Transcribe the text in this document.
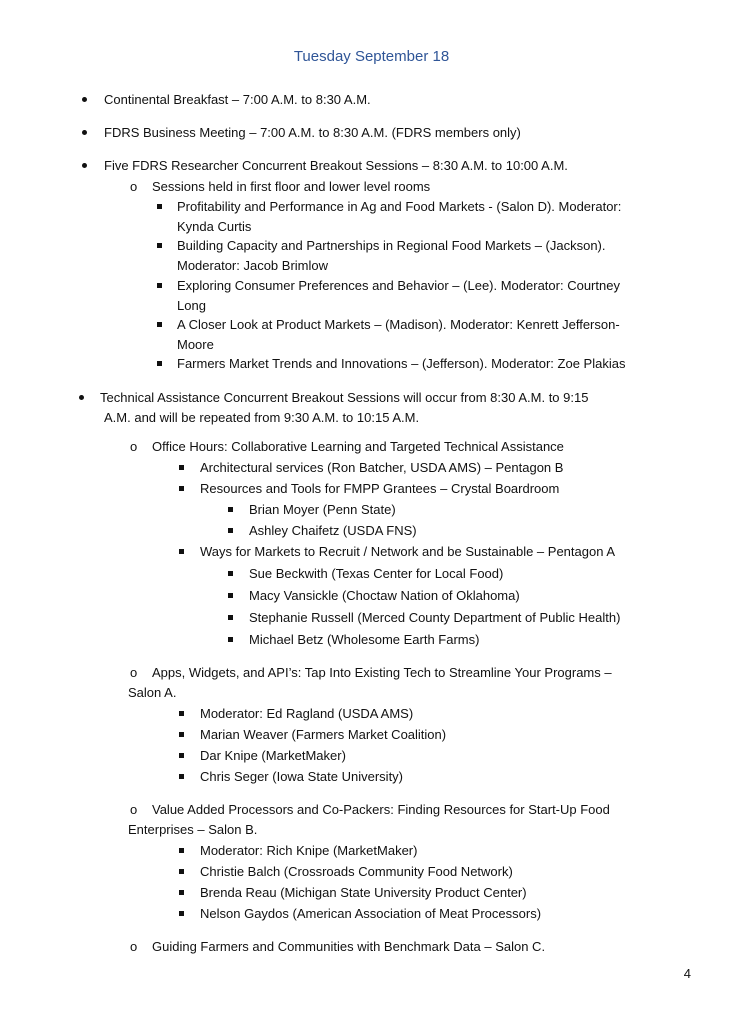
Tuesday September 18
Continental Breakfast – 7:00 A.M. to 8:30 A.M.
FDRS Business Meeting – 7:00 A.M. to 8:30 A.M. (FDRS members only)
Five FDRS Researcher Concurrent Breakout Sessions – 8:30 A.M. to 10:00 A.M.
o Sessions held in first floor and lower level rooms
Profitability and Performance in Ag and Food Markets - (Salon D). Moderator:
Kynda Curtis
Building Capacity and Partnerships in Regional Food Markets – (Jackson).
Moderator: Jacob Brimlow
Exploring Consumer Preferences and Behavior – (Lee). Moderator: Courtney
Long
A Closer Look at Product Markets – (Madison). Moderator: Kenrett Jefferson-
Moore
Farmers Market Trends and Innovations – (Jefferson). Moderator: Zoe Plakias
Technical Assistance Concurrent Breakout Sessions will occur from 8:30 A.M. to 9:15
A.M. and will be repeated from 9:30 A.M. to 10:15 A.M.
o Office Hours: Collaborative Learning and Targeted Technical Assistance
Architectural services (Ron Batcher, USDA AMS) – Pentagon B
Resources and Tools for FMPP Grantees – Crystal Boardroom
Brian Moyer (Penn State)
Ashley Chaifetz (USDA FNS)
Ways for Markets to Recruit / Network and be Sustainable – Pentagon A
Sue Beckwith (Texas Center for Local Food)
Macy Vansickle (Choctaw Nation of Oklahoma)
Stephanie Russell (Merced County Department of Public Health)
Michael Betz (Wholesome Earth Farms)
o Apps, Widgets, and API’s: Tap Into Existing Tech to Streamline Your Programs –
Salon A.
Moderator: Ed Ragland (USDA AMS)
Marian Weaver (Farmers Market Coalition)
Dar Knipe (MarketMaker)
Chris Seger (Iowa State University)
o Value Added Processors and Co-Packers: Finding Resources for Start-Up Food
Enterprises – Salon B.
Moderator: Rich Knipe (MarketMaker)
Christie Balch (Crossroads Community Food Network)
Brenda Reau (Michigan State University Product Center)
Nelson Gaydos (American Association of Meat Processors)
o Guiding Farmers and Communities with Benchmark Data – Salon C.
4
